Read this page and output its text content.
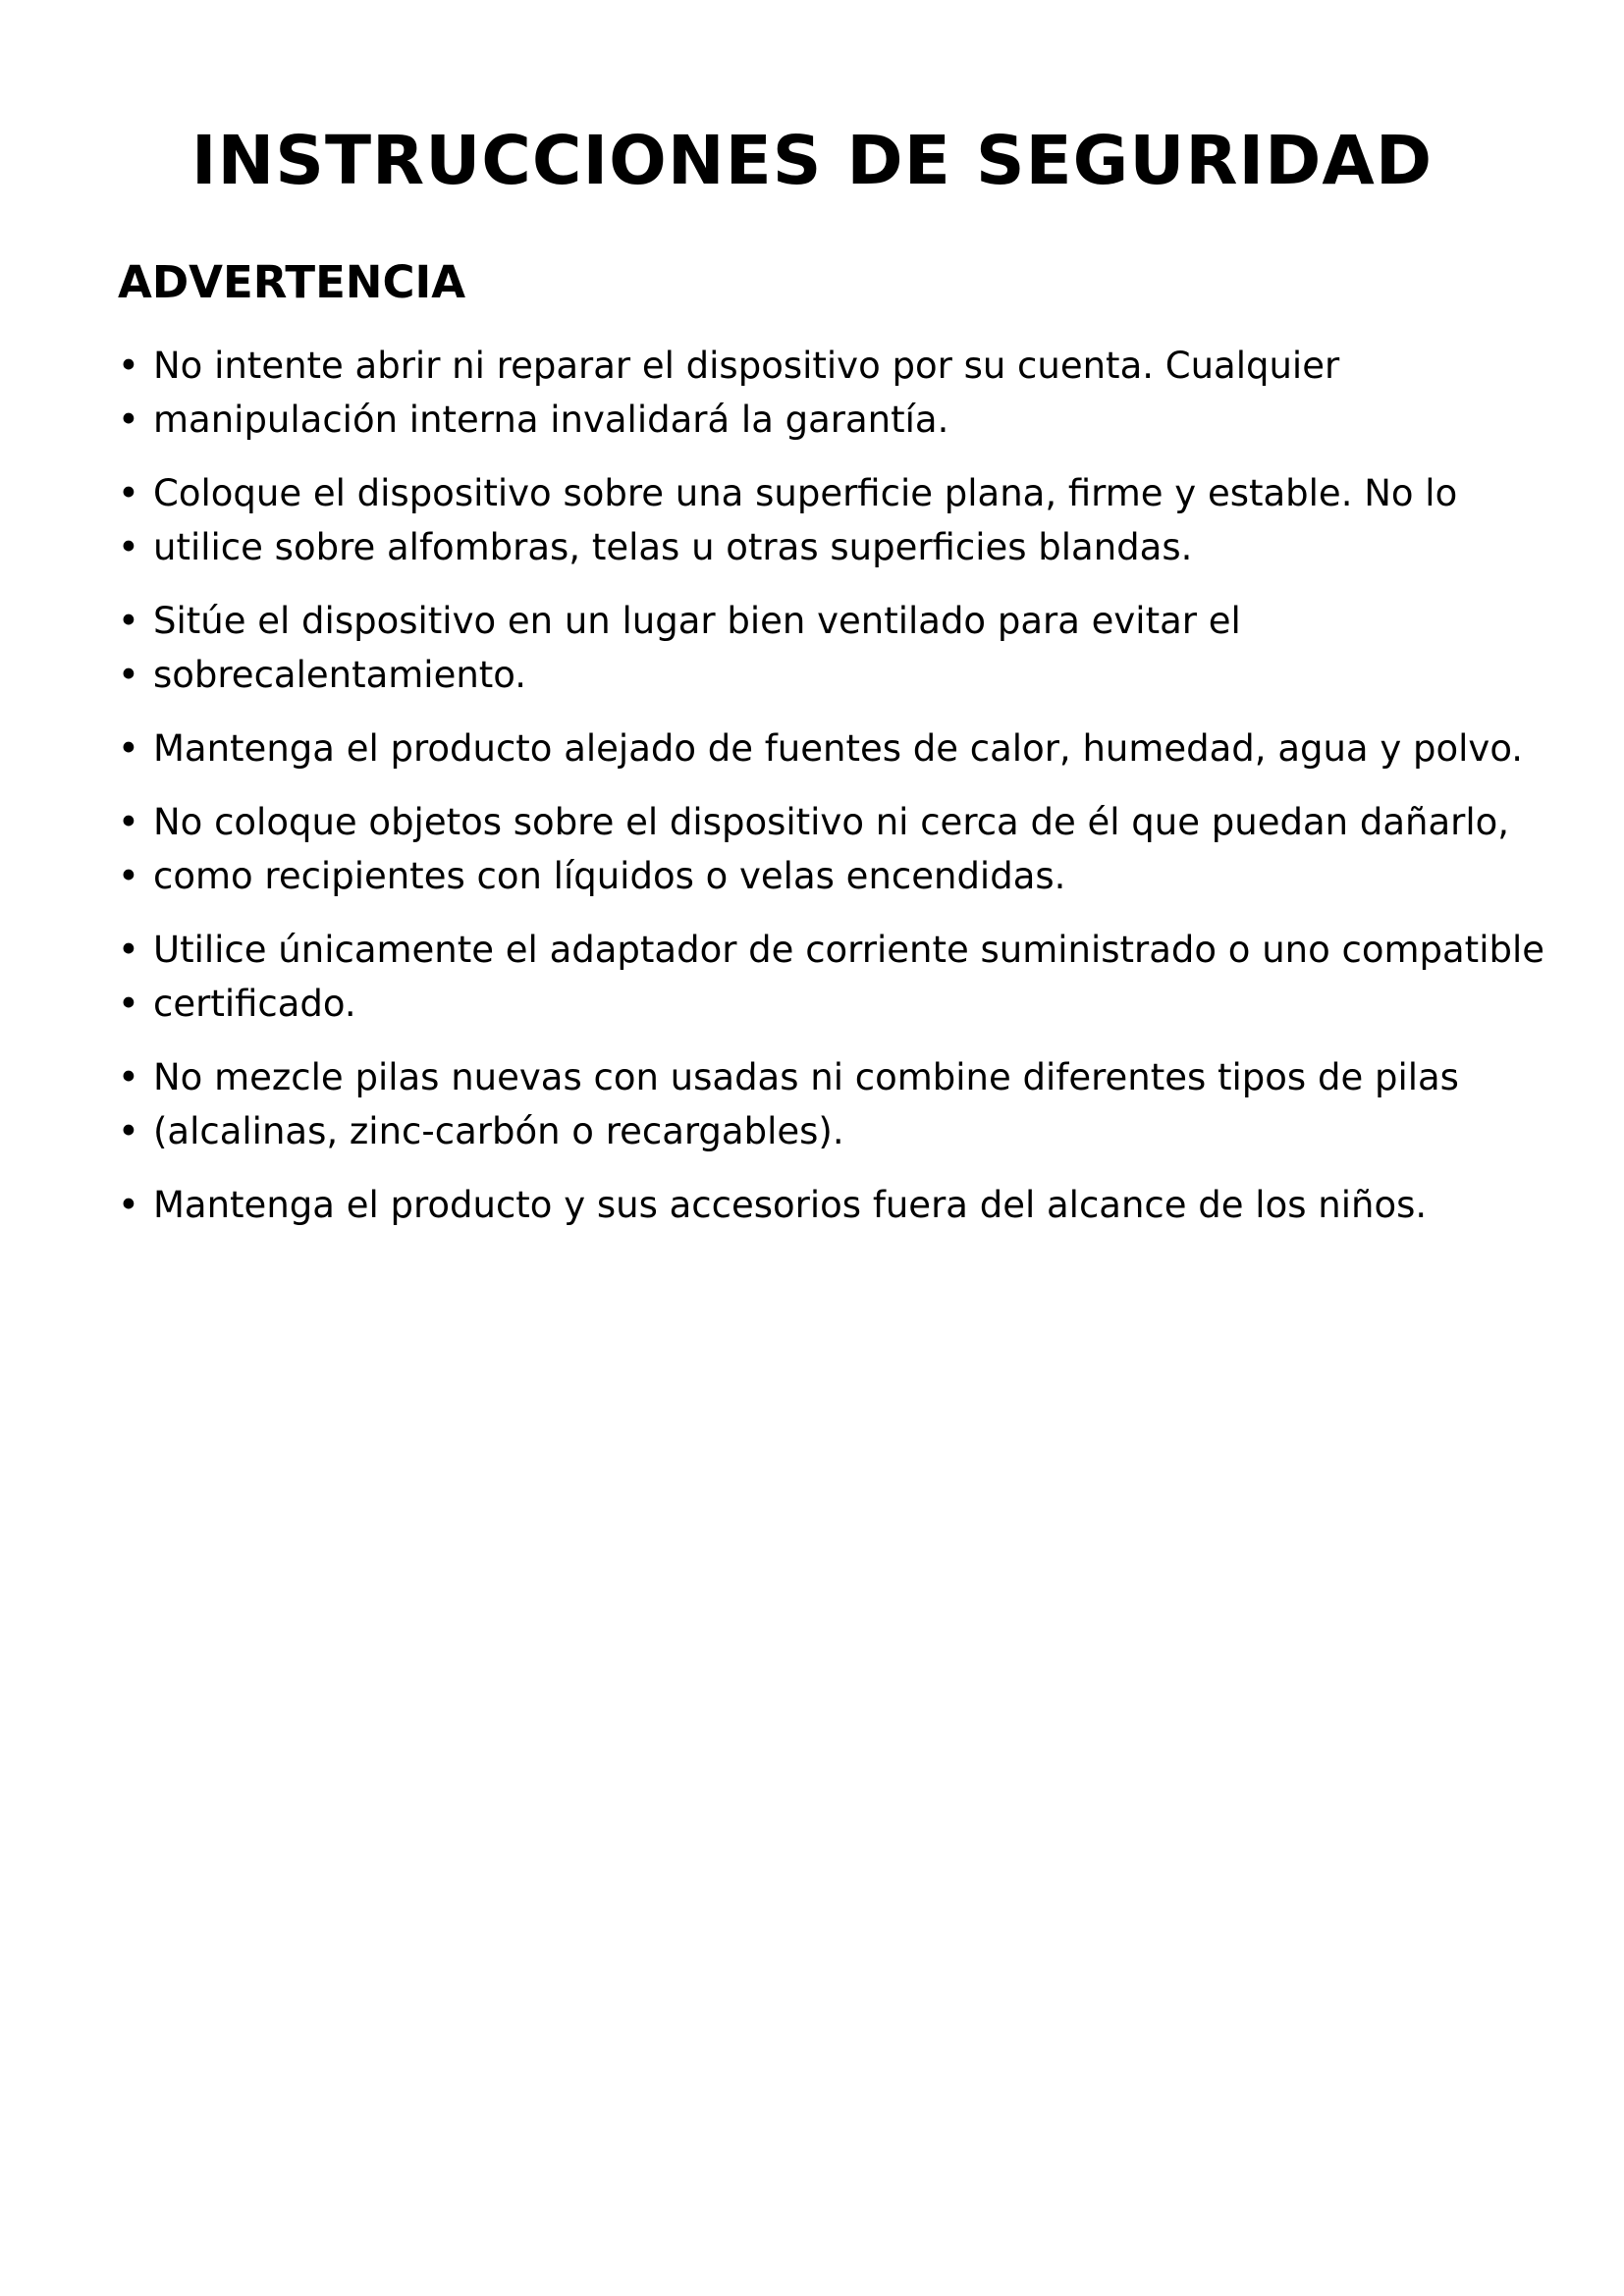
INSTRUCCIONES DE SEGURIDAD
ADVERTENCIA
• No intente abrir ni reparar el dispositivo por su cuenta. Cualquier
• manipulación interna invalidará la garantía.
• Coloque el dispositivo sobre una superficie plana, firme y estable. No lo
• utilice sobre alfombras, telas u otras superficies blandas.
• Sitúe el dispositivo en un lugar bien ventilado para evitar el
• sobrecalentamiento.
• Mantenga el producto alejado de fuentes de calor, humedad, agua y polvo.
• No coloque objetos sobre el dispositivo ni cerca de él que puedan dañarlo,
• como recipientes con líquidos o velas encendidas.
• Utilice únicamente el adaptador de corriente suministrado o uno compatible
• certificado.
• No mezcle pilas nuevas con usadas ni combine diferentes tipos de pilas
• (alcalinas, zinc-carbón o recargables).
• Mantenga el producto y sus accesorios fuera del alcance de los niños.
